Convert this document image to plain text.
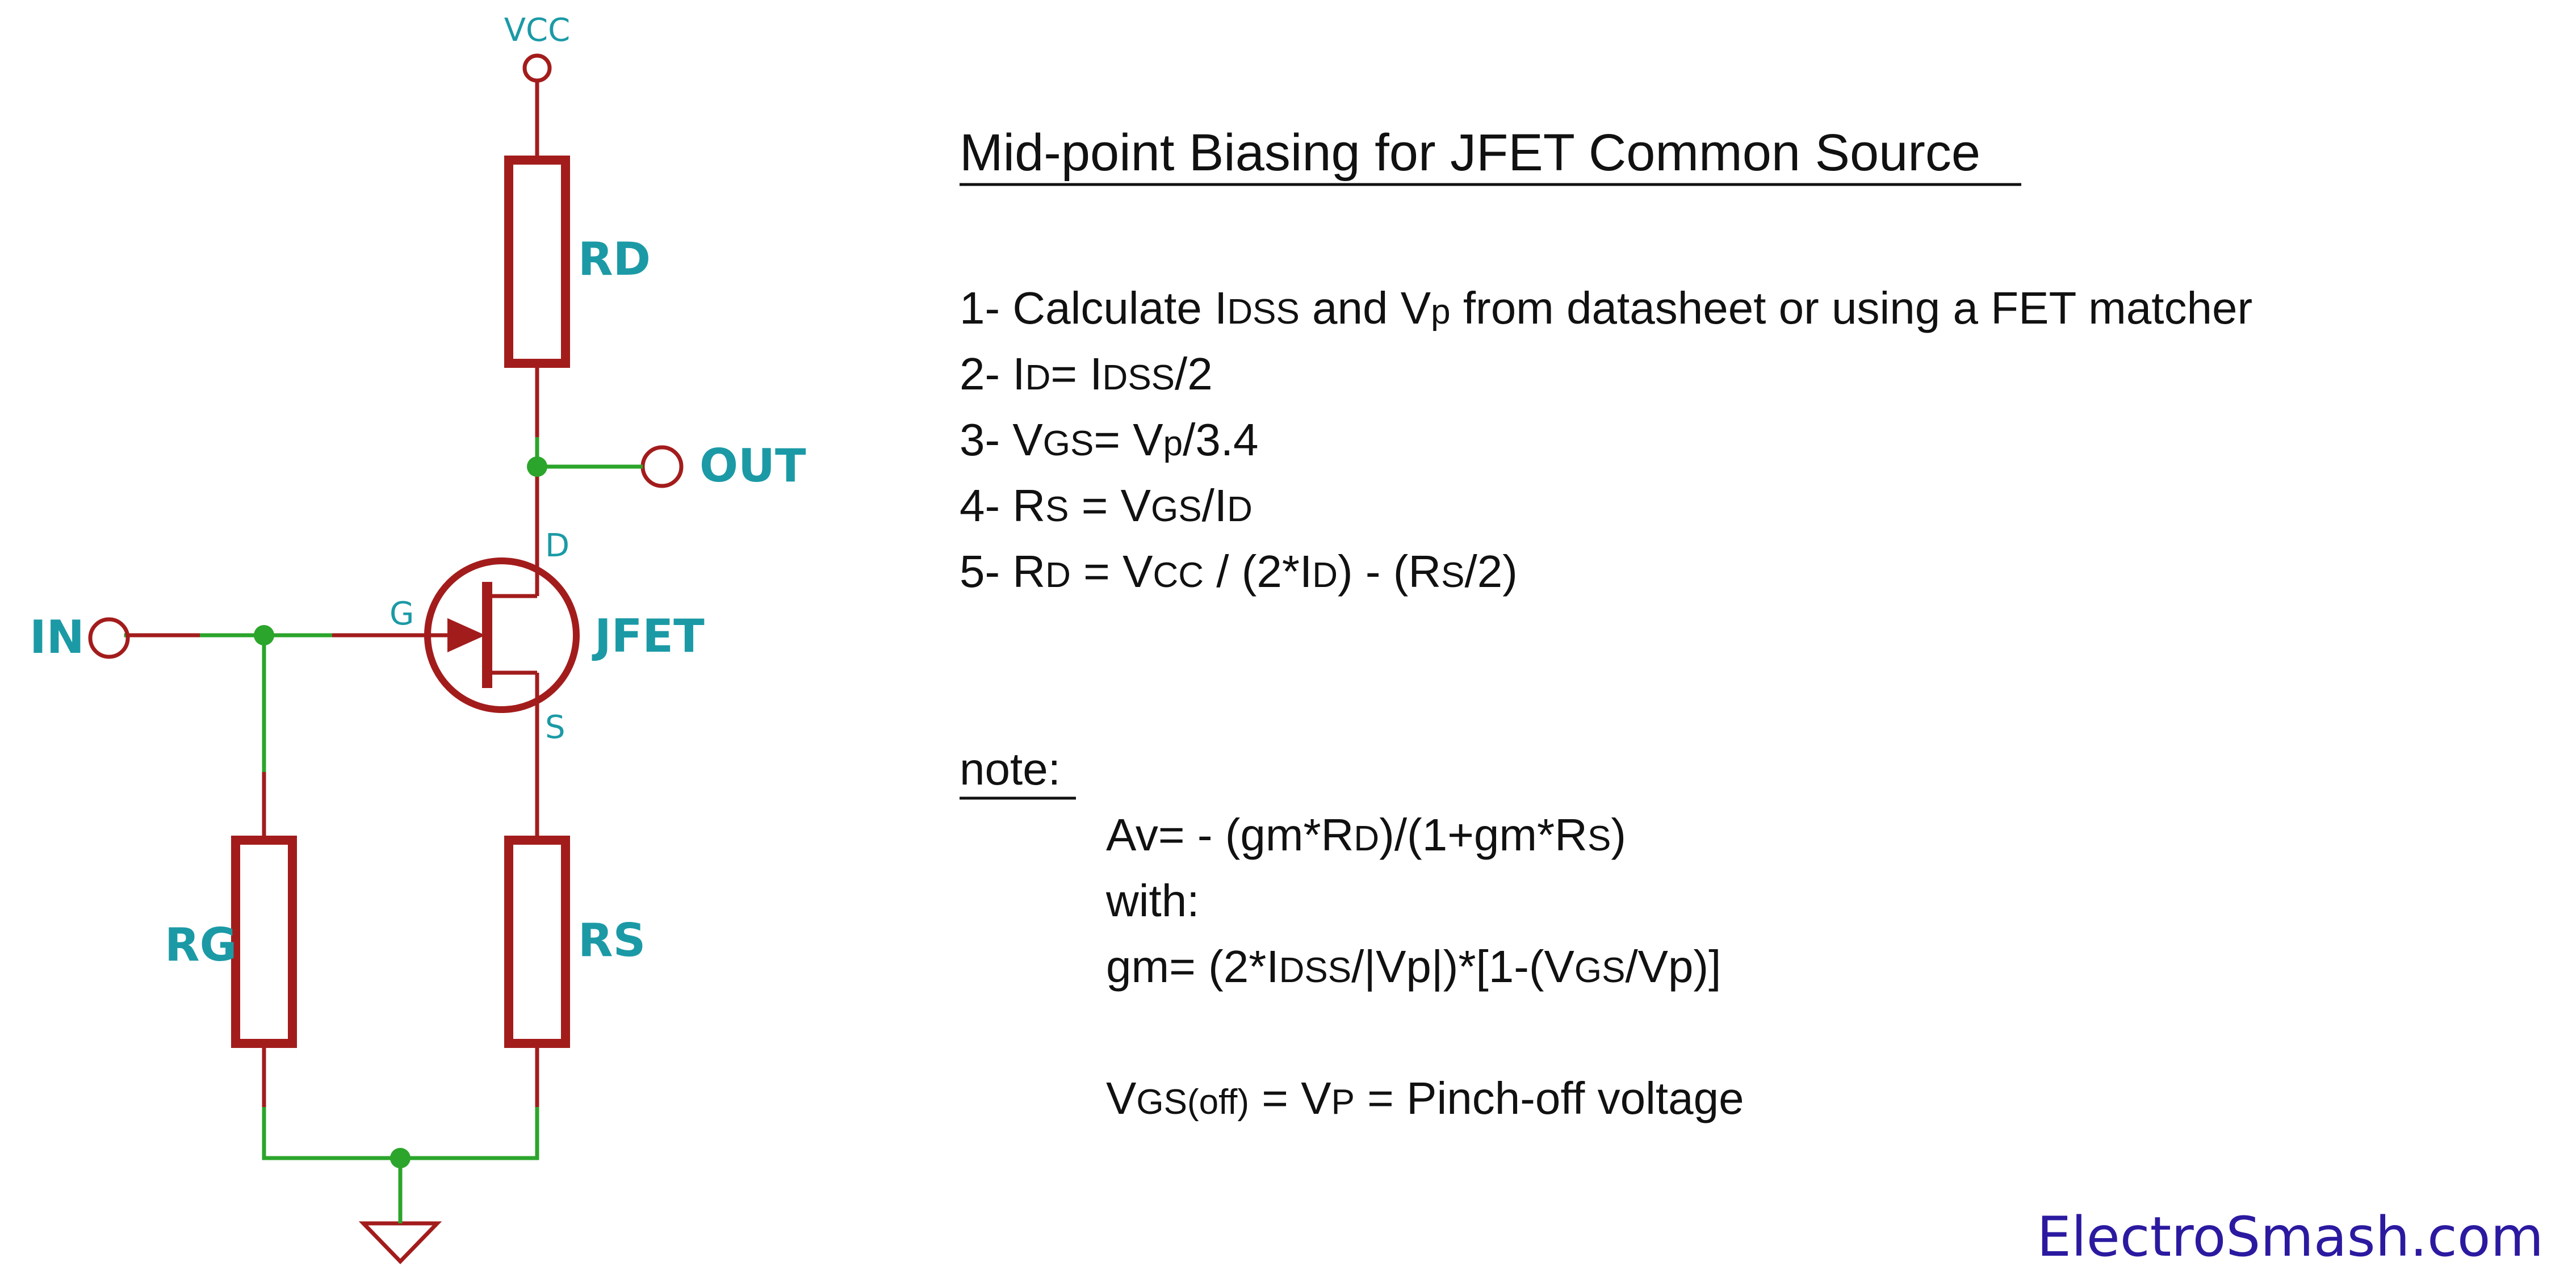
VCC
RD
OUT
D
G
S
JFET
IN
RG	RS
Mid-point Biasing for JFET Common Source
1- Calculate IDSS and Vp from datasheet or using a FET matcher
2- ID= IDSS/2
3- VGS= Vp/3.4
4- RS = VGS/ID
5- RD = VCC / (2*ID) - (RS/2)
note:
Av= - (gm*RD)/(1+gm*RS)
with:
gm= (2*IDSS/|Vp|)*[1-(VGS/Vp)]
VGS(off) = VP = Pinch-off voltage
ElectroSmash.com
